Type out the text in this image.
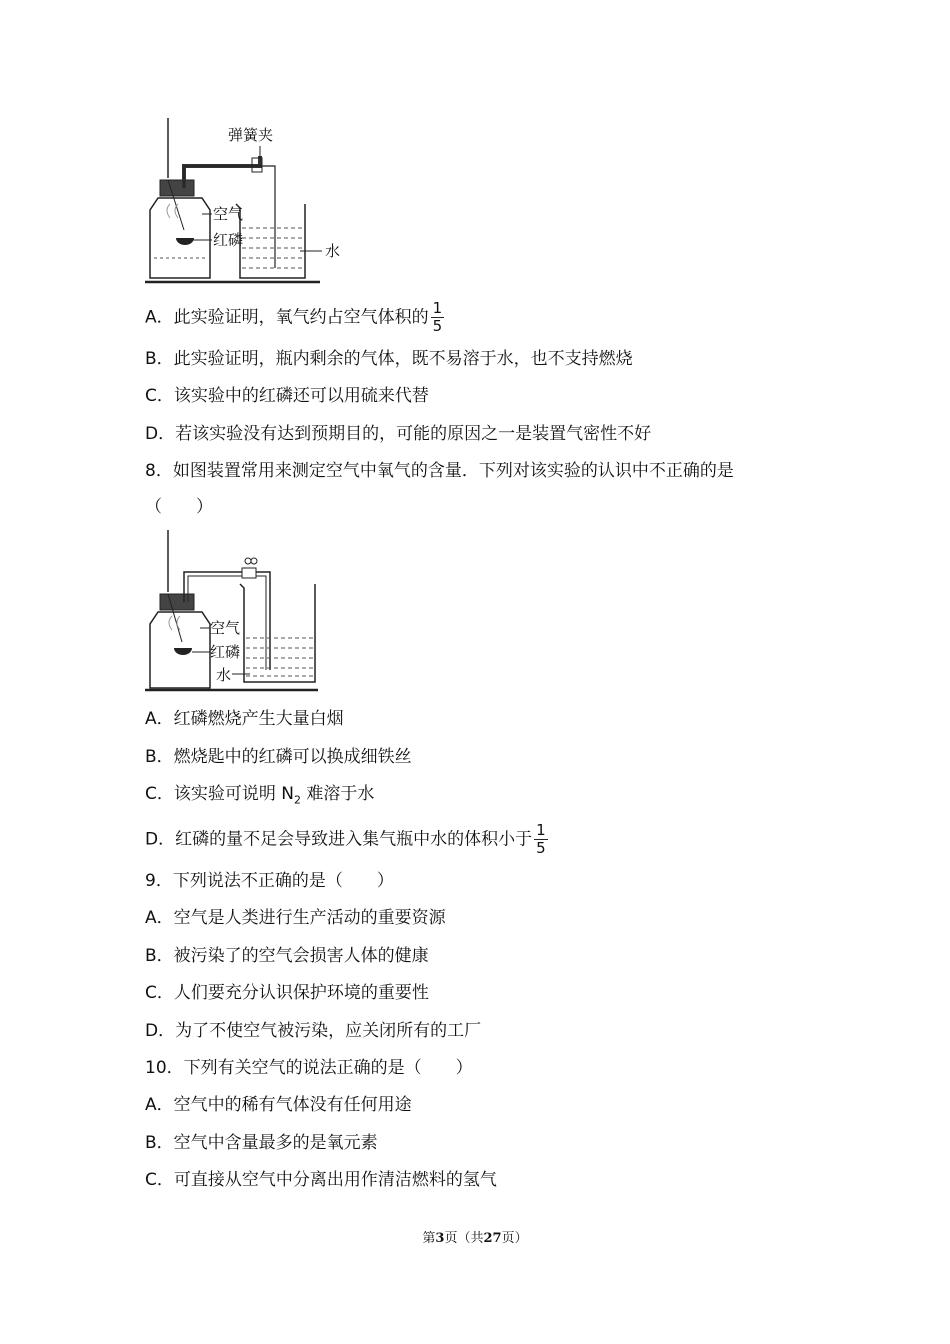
弹簧夹
空气
红磷
水
A．此实验证明，氧气约占空气体积的 $\frac{1}{5}$
B．此实验证明，瓶内剩余的气体，既不易溶于水，也不支持燃烧
C．该实验中的红磷还可以用硫来代替
D．若该实验没有达到预期目的，可能的原因之一是装置气密性不好
8．如图装置常用来测定空气中氧气的含量．下列对该实验的认识中不正确的是
（　　）
空气
红磷
水
A．红磷燃烧产生大量白烟
B．燃烧匙中的红磷可以换成细铁丝
C．该实验可说明 $N_2$ 难溶于水
D．红磷的量不足会导致进入集气瓶中水的体积小于 $\frac{1}{5}$
9．下列说法不正确的是（　　）
A．空气是人类进行生产活动的重要资源
B．被污染了的空气会损害人体的健康
C．人们要充分认识保护环境的重要性
D．为了不使空气被污染，应关闭所有的工厂
10．下列有关空气的说法正确的是（　　）
A．空气中的稀有气体没有任何用途
B．空气中含量最多的是氧元素
C．可直接从空气中分离出用作清洁燃料的氢气
第3页（共27页）
